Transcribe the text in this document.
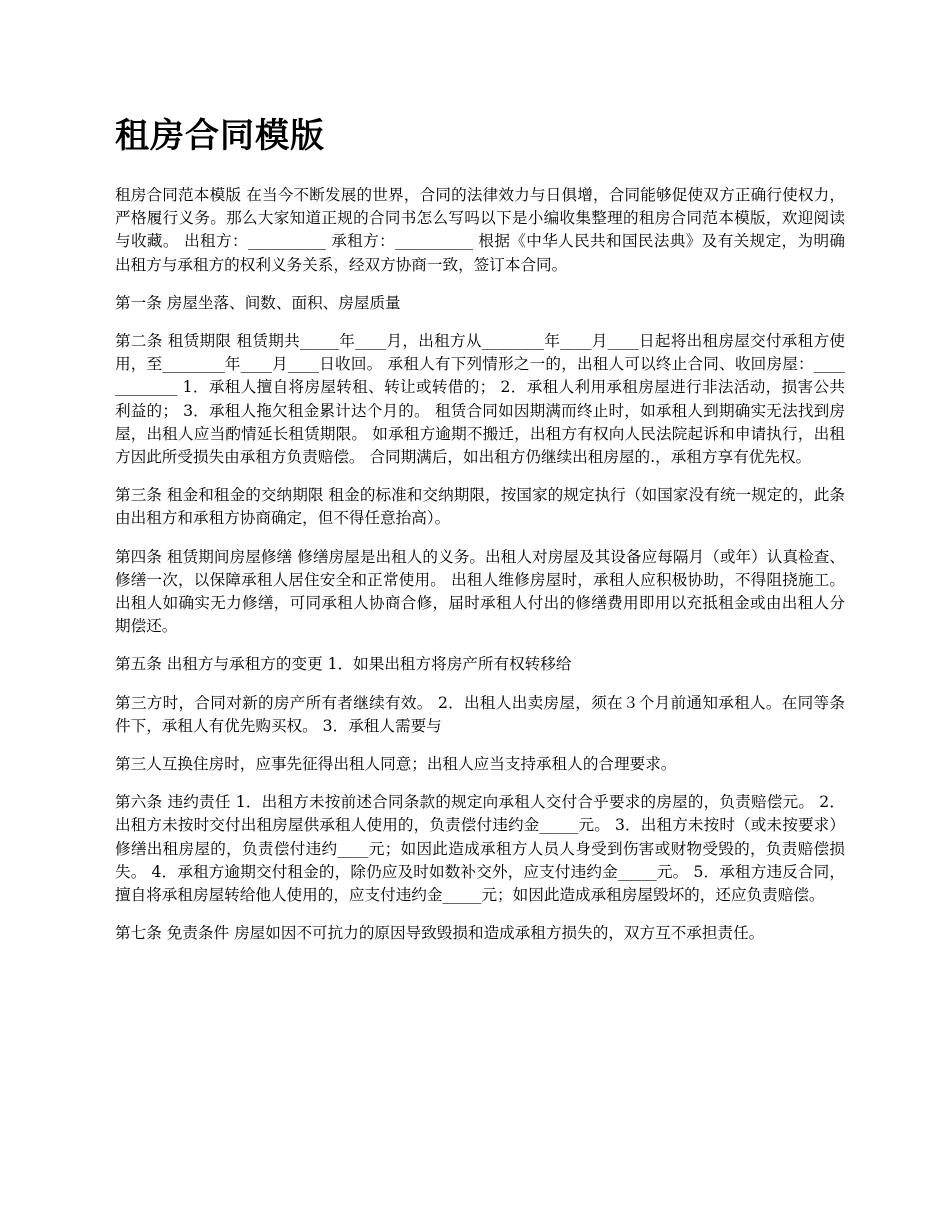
租房合同模版

租房合同范本模版 在当今不断发展的世界，合同的法律效力与日俱增，合同能够促使双方正确行使权力，严格履行义务。那么大家知道正规的合同书怎么写吗以下是小编收集整理的租房合同范本模版，欢迎阅读与收藏。 出租方：__________ 承租方：__________ 根据《中华人民共和国民法典》及有关规定，为明确出租方与承租方的权利义务关系，经双方协商一致，签订本合同。

第一条 房屋坐落、间数、面积、房屋质量

第二条 租赁期限 租赁期共_____年____月，出租方从________年____月____日起将出租房屋交付承租方使用，至________年____月____日收回。 承租人有下列情形之一的，出租人可以终止合同、收回房屋：____________ 1．承租人擅自将房屋转租、转让或转借的； 2．承租人利用承租房屋进行非法活动，损害公共利益的； 3．承租人拖欠租金累计达个月的。 租赁合同如因期满而终止时，如承租人到期确实无法找到房屋，出租人应当酌情延长租赁期限。 如承租方逾期不搬迁，出租方有权向人民法院起诉和申请执行，出租方因此所受损失由承租方负责赔偿。 合同期满后，如出租方仍继续出租房屋的.，承租方享有优先权。

第三条 租金和租金的交纳期限 租金的标准和交纳期限，按国家的规定执行（如国家没有统一规定的，此条由出租方和承租方协商确定，但不得任意抬高）。

第四条 租赁期间房屋修缮 修缮房屋是出租人的义务。出租人对房屋及其设备应每隔月（或年）认真检查、修缮一次，以保障承租人居住安全和正常使用。 出租人维修房屋时，承租人应积极协助，不得阻挠施工。出租人如确实无力修缮，可同承租人协商合修，届时承租人付出的修缮费用即用以充抵租金或由出租人分期偿还。

第五条 出租方与承租方的变更 1．如果出租方将房产所有权转移给

第三方时，合同对新的房产所有者继续有效。 2．出租人出卖房屋，须在３个月前通知承租人。在同等条件下，承租人有优先购买权。 3．承租人需要与

第三人互换住房时，应事先征得出租人同意；出租人应当支持承租人的合理要求。

第六条 违约责任 1．出租方未按前述合同条款的规定向承租人交付合乎要求的房屋的，负责赔偿元。 2．出租方未按时交付出租房屋供承租人使用的，负责偿付违约金_____元。 3．出租方未按时（或未按要求）修缮出租房屋的，负责偿付违约____元；如因此造成承租方人员人身受到伤害或财物受毁的，负责赔偿损失。 4．承租方逾期交付租金的，除仍应及时如数补交外，应支付违约金_____元。 5．承租方违反合同，擅自将承租房屋转给他人使用的，应支付违约金_____元；如因此造成承租房屋毁坏的，还应负责赔偿。

第七条 免责条件 房屋如因不可抗力的原因导致毁损和造成承租方损失的，双方互不承担责任。
